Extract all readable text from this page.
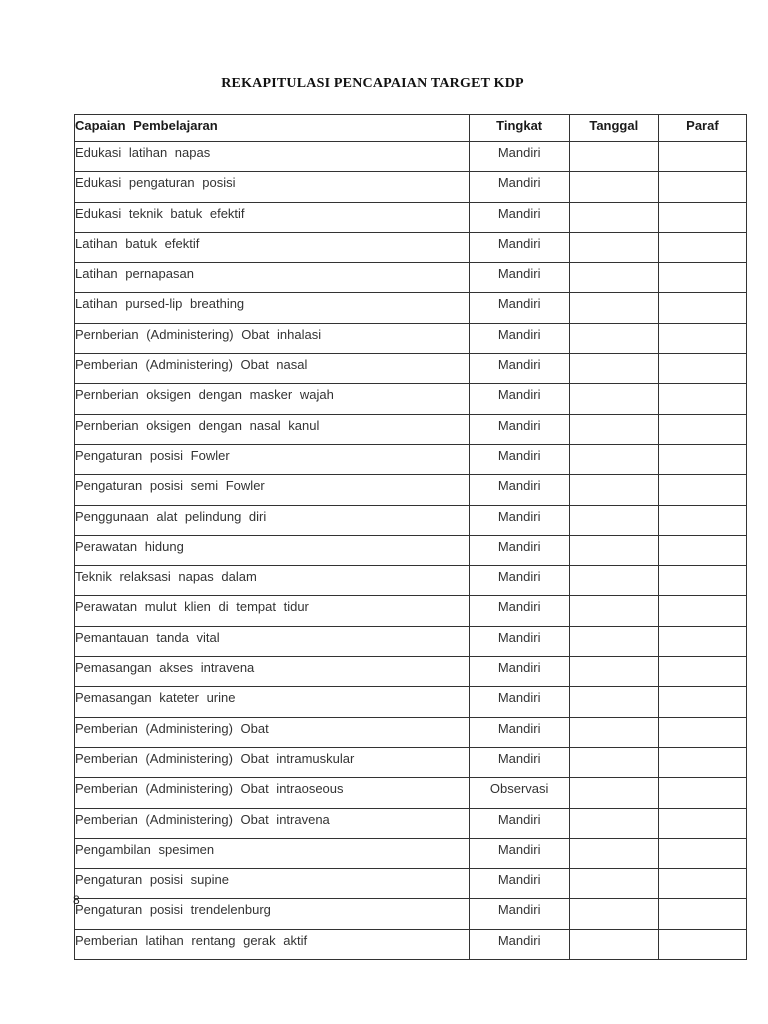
REKAPITULASI PENCAPAIAN TARGET KDP
Capaian Pembelajaran	Tingkat	Tanggal	Paraf
Edukasi latihan napas	Mandiri		
Edukasi pengaturan posisi	Mandiri		
Edukasi teknik batuk efektif	Mandiri		
Latihan batuk efektif	Mandiri		
Latihan pernapasan	Mandiri		
Latihan pursed-lip breathing	Mandiri		
Pernberian (Administering) Obat inhalasi	Mandiri		
Pemberian (Administering) Obat nasal	Mandiri		
Pernberian oksigen dengan masker wajah	Mandiri		
Pernberian oksigen dengan nasal kanul	Mandiri		
Pengaturan posisi Fowler	Mandiri		
Pengaturan posisi semi Fowler	Mandiri		
Penggunaan alat pelindung diri	Mandiri		
Perawatan hidung	Mandiri		
Teknik relaksasi napas dalam	Mandiri		
Perawatan mulut klien di tempat tidur	Mandiri		
Pemantauan tanda vital	Mandiri		
Pemasangan akses intravena	Mandiri		
Pemasangan kateter urine	Mandiri		
Pemberian (Administering) Obat	Mandiri		
Pemberian (Administering) Obat intramuskular	Mandiri		
Pemberian (Administering) Obat intraoseous	Observasi		
Pemberian (Administering) Obat intravena	Mandiri		
Pengambilan spesimen	Mandiri		
Pengaturan posisi supine	Mandiri		
Pengaturan posisi trendelenburg	Mandiri		
Pemberian latihan rentang gerak aktif	Mandiri		
8
